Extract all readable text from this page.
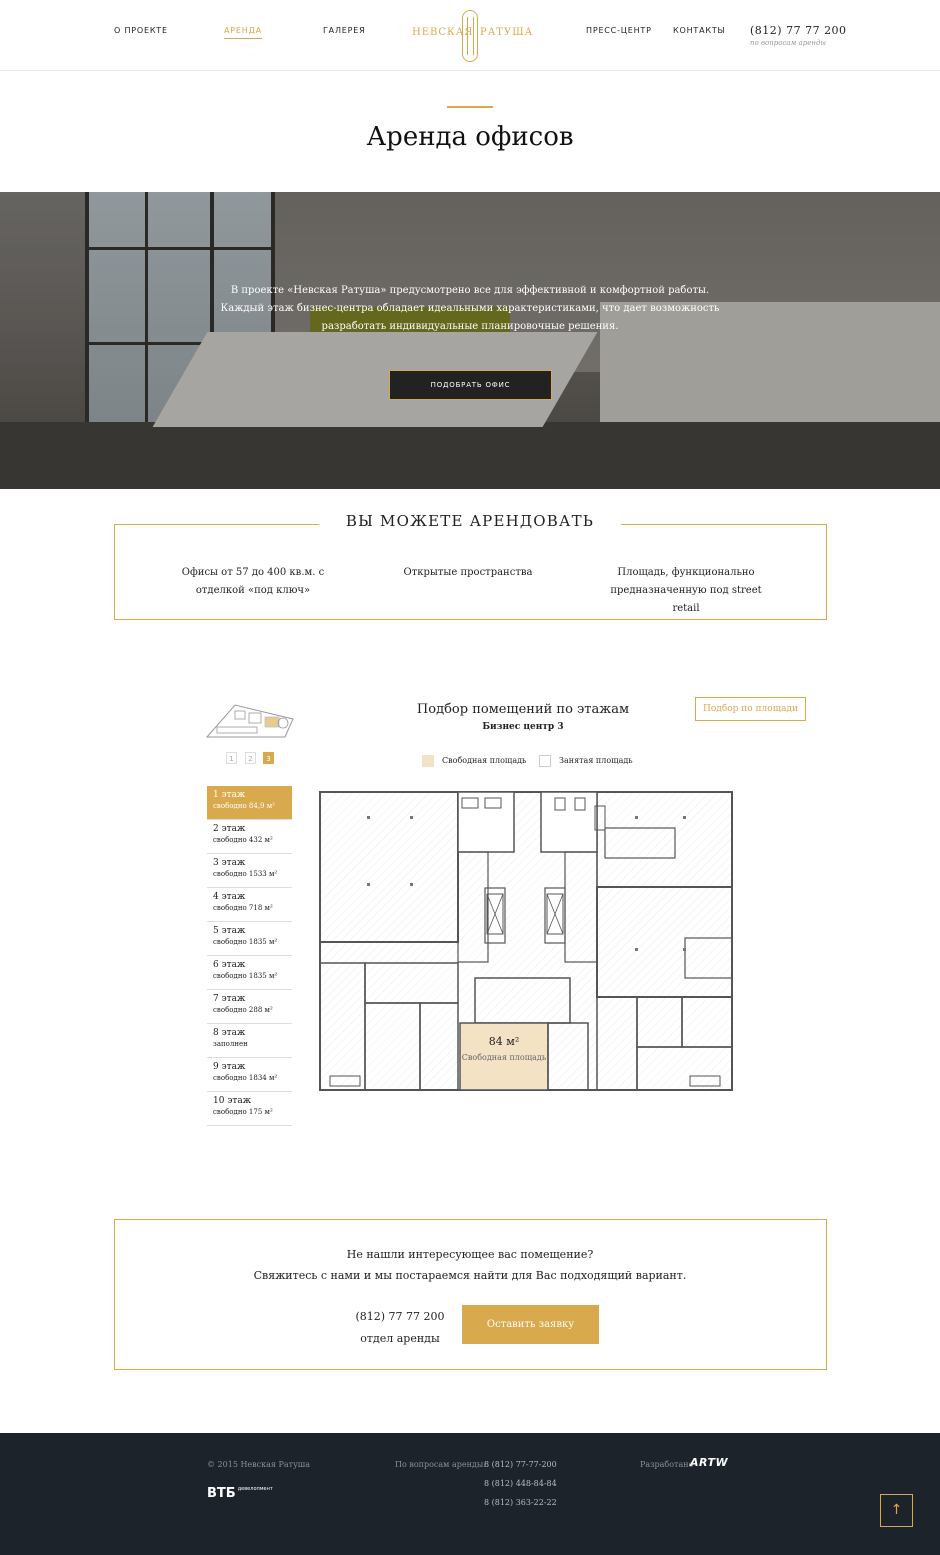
О ПРОЕКТЕ	АРЕНДА	ГАЛЕРЕЯ	НЕВСКАЯ РАТУША	ПРЕСС-ЦЕНТР	КОНТАКТЫ (812) 77 77 200
по вопросам аренды
Аренда офисов
В проекте «Невская Ратуша» предусмотрено все для эффективной и комфортной работы.
Каждый этаж бизнес-центра обладает идеальными характеристиками, что дает возможность
разработать индивидуальные планировочные решения.
ПОДОБРАТЬ ОФИС
ВЫ МОЖЕТЕ АРЕНДОВАТЬ
Офисы от 57 до 400 кв.м. с
отделкой «под ключ»
Открытые пространства	Площадь, функционально
предназначенную под street retail
1	2	3
Подбор помещений по этажам
Бизнес центр 3
Подбор по площади
Свободная площадь	Занятая площадь
1 этаж
свободно 84,9 м²
2 этаж
свободно 432 м²
3 этаж
свободно 1533 м²
4 этаж
свободно 718 м²
5 этаж
свободно 1835 м²
6 этаж
свободно 1835 м²
7 этаж
свободно 288 м²
8 этаж
заполнен
9 этаж
свободно 1834 м²
10 этаж
свободно 175 м²
84 м²
Свободная площадь
Не нашли интересующее вас помещение?
Свяжитесь с нами и мы постараемся найти для Вас подходящий вариант.
(812) 77 77 200
отдел аренды
Оставить заявку
© 2015 Невская Ратуша
ВТБ $^{девелопмент}$
По вопросам аренды:
8 (812) 77-77-200
8 (812) 448-84-84
8 (812) 363-22-22
Разработано
ARTW
↑
